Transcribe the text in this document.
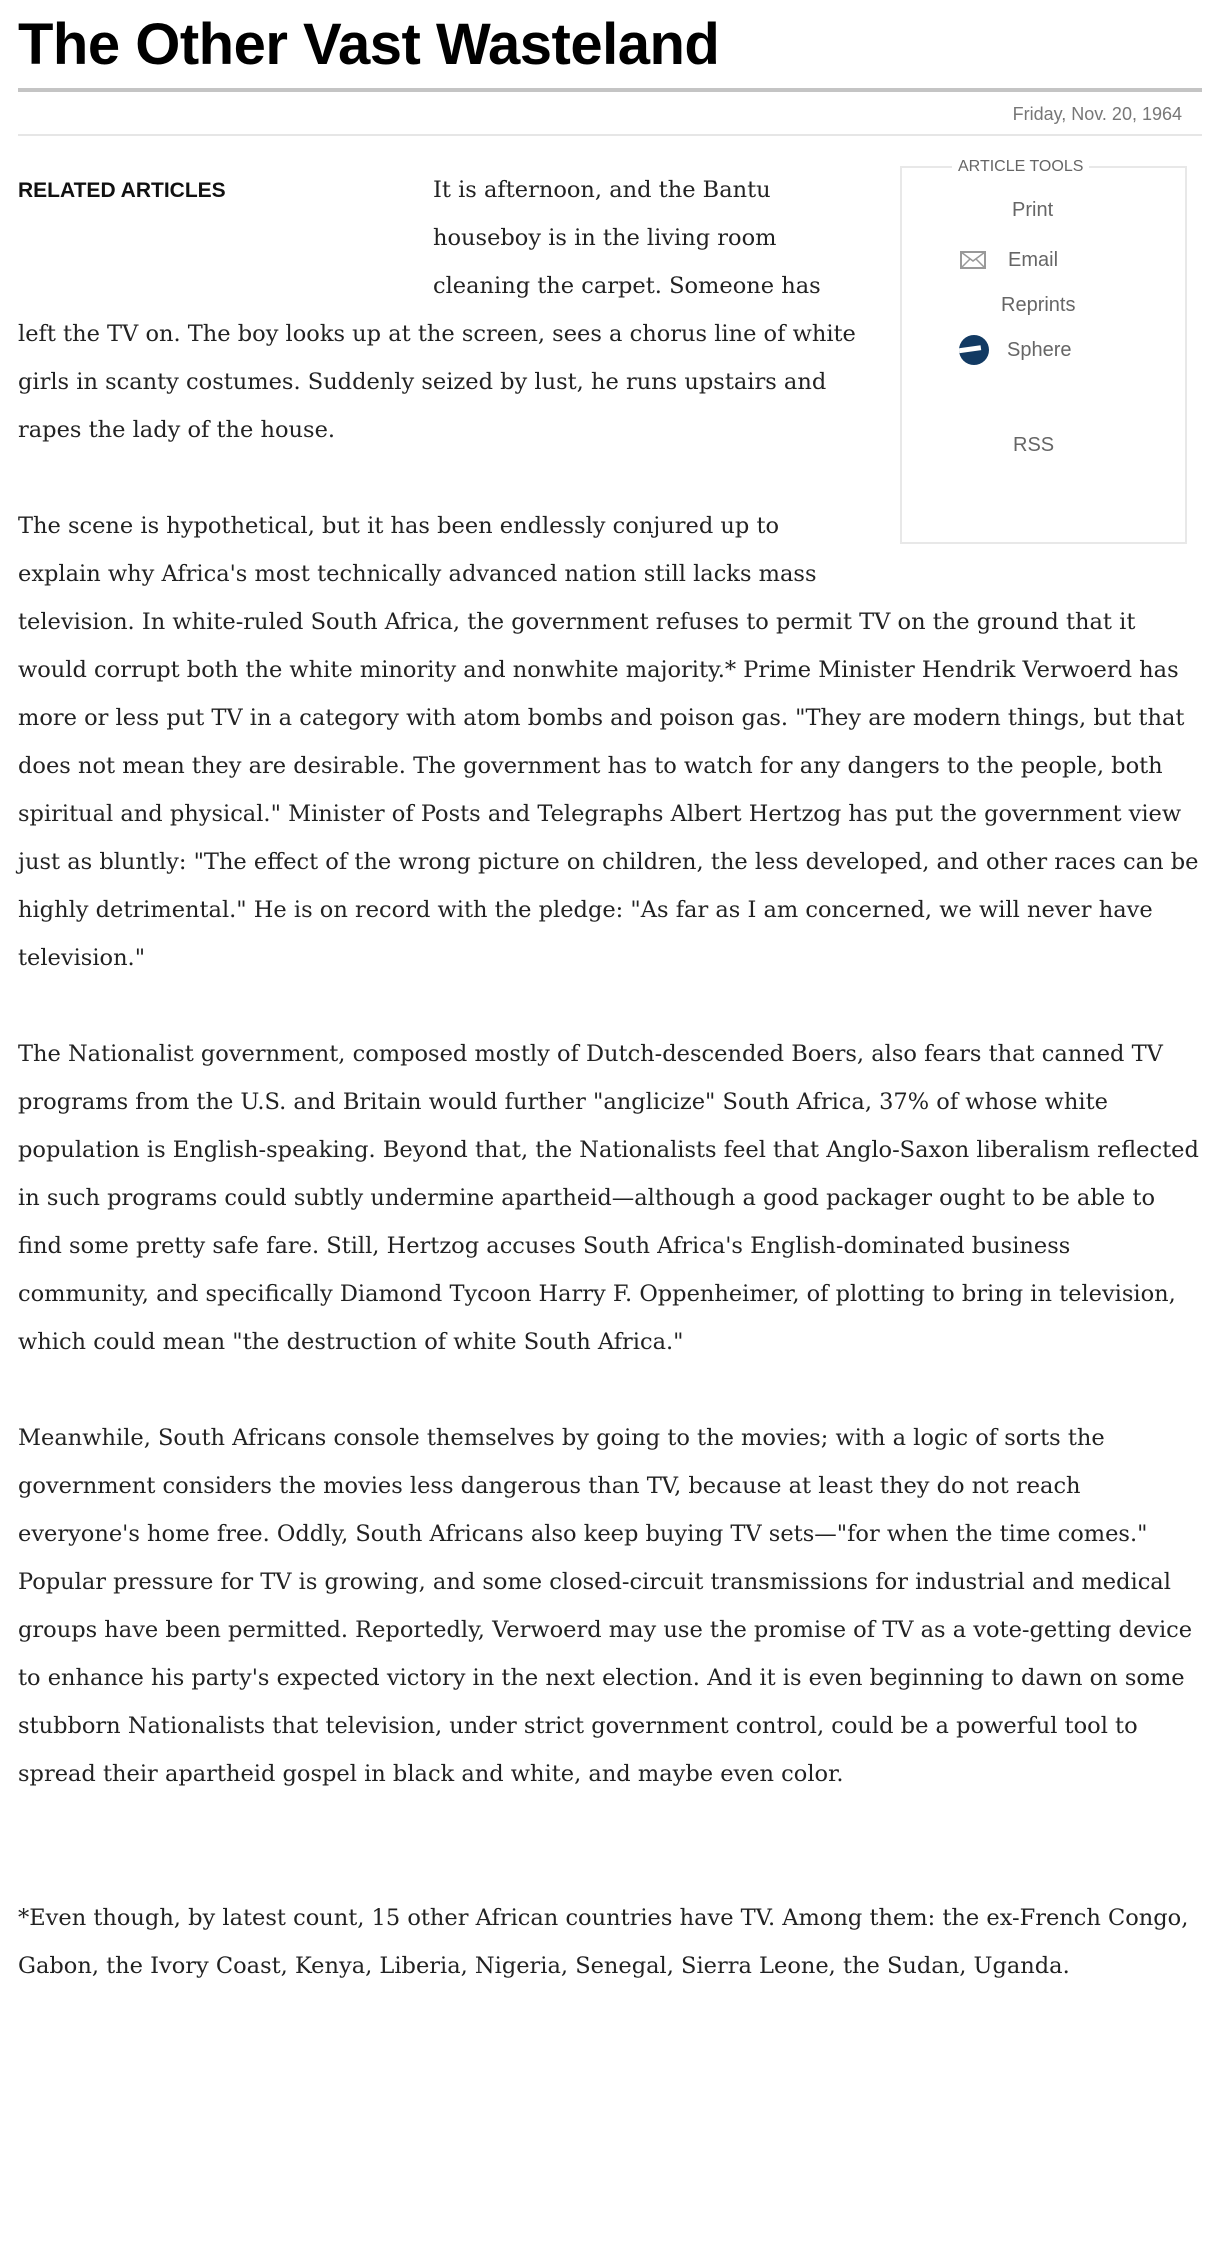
The Other Vast Wasteland
Friday, Nov. 20, 1964
RELATED ARTICLES
ARTICLE TOOLS
Print
Email
Reprints
Sphere
RSS

It is afternoon, and the Bantu houseboy is in the living room cleaning the carpet. Someone has left the TV on. The boy looks up at the screen, sees a chorus line of white girls in scanty costumes. Suddenly seized by lust, he runs upstairs and rapes the lady of the house.

The scene is hypothetical, but it has been endlessly conjured up to explain why Africa's most technically advanced nation still lacks mass television. In white-ruled South Africa, the government refuses to permit TV on the ground that it would corrupt both the white minority and nonwhite majority.* Prime Minister Hendrik Verwoerd has more or less put TV in a category with atom bombs and poison gas. "They are modern things, but that does not mean they are desirable. The government has to watch for any dangers to the people, both spiritual and physical." Minister of Posts and Telegraphs Albert Hertzog has put the government view just as bluntly: "The effect of the wrong picture on children, the less developed, and other races can be highly detrimental." He is on record with the pledge: "As far as I am concerned, we will never have television."

The Nationalist government, composed mostly of Dutch-descended Boers, also fears that canned TV programs from the U.S. and Britain would further "anglicize" South Africa, 37% of whose white population is English-speaking. Beyond that, the Nationalists feel that Anglo-Saxon liberalism reflected in such programs could subtly undermine apartheid—although a good packager ought to be able to find some pretty safe fare. Still, Hertzog accuses South Africa's English-dominated business community, and specifically Diamond Tycoon Harry F. Oppenheimer, of plotting to bring in television, which could mean "the destruction of white South Africa."

Meanwhile, South Africans console themselves by going to the movies; with a logic of sorts the government considers the movies less dangerous than TV, because at least they do not reach everyone's home free. Oddly, South Africans also keep buying TV sets—"for when the time comes." Popular pressure for TV is growing, and some closed-circuit transmissions for industrial and medical groups have been permitted. Reportedly, Verwoerd may use the promise of TV as a vote-getting device to enhance his party's expected victory in the next election. And it is even beginning to dawn on some stubborn Nationalists that television, under strict government control, could be a powerful tool to spread their apartheid gospel in black and white, and maybe even color.

*Even though, by latest count, 15 other African countries have TV. Among them: the ex-French Congo, Gabon, the Ivory Coast, Kenya, Liberia, Nigeria, Senegal, Sierra Leone, the Sudan, Uganda.
